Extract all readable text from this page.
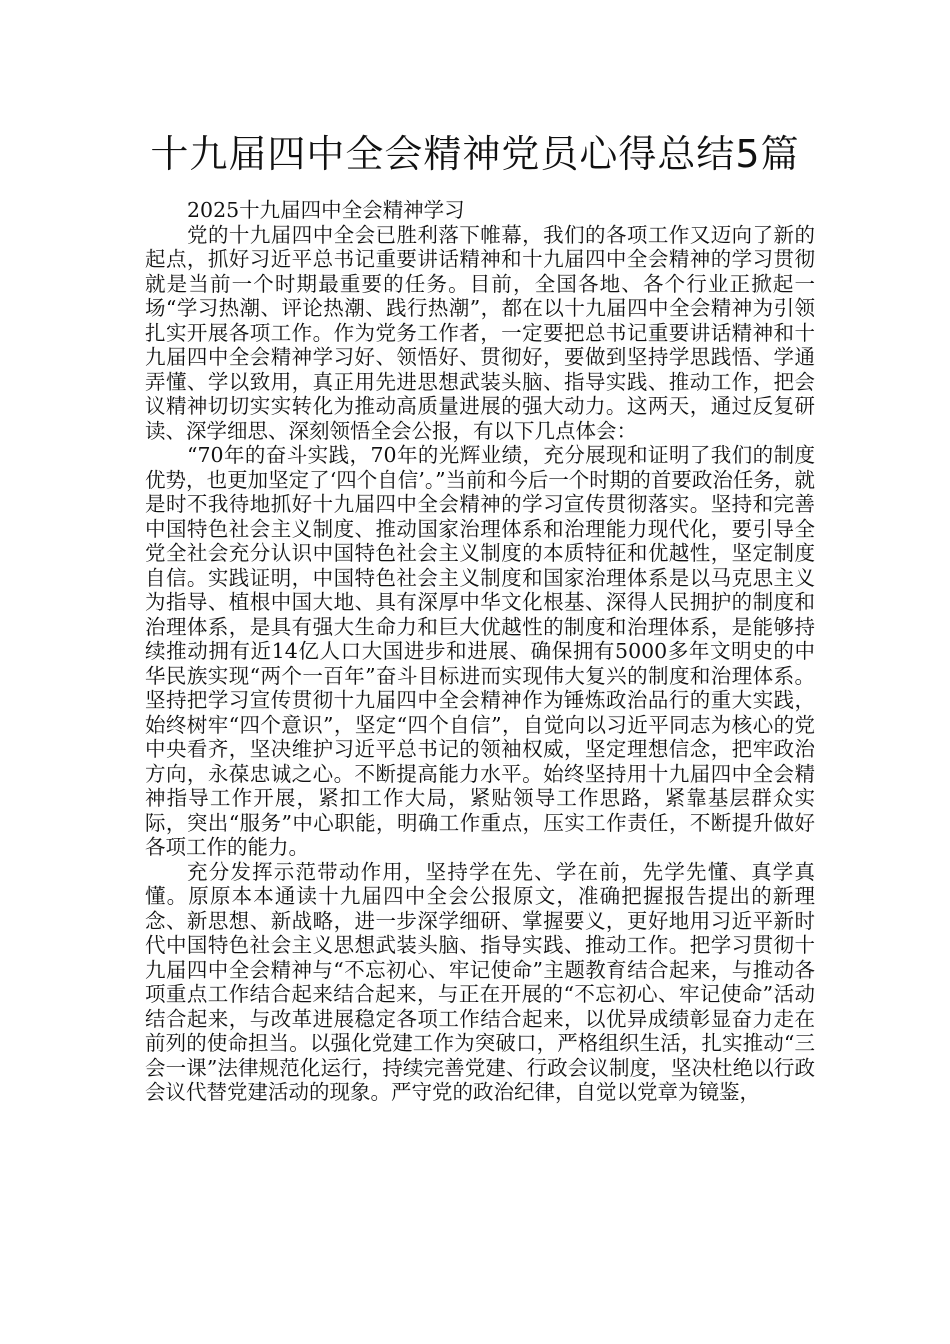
十九届四中全会精神党员心得总结5篇

2025十九届四中全会精神学习

党的十九届四中全会已胜利落下帷幕，我们的各项工作又迈向了新的起点，抓好习近平总书记重要讲话精神和十九届四中全会精神的学习贯彻就是当前一个时期最重要的任务。目前，全国各地、各个行业正掀起一场“学习热潮、评论热潮、践行热潮”，都在以十九届四中全会精神为引领扎实开展各项工作。作为党务工作者，一定要把总书记重要讲话精神和十九届四中全会精神学习好、领悟好、贯彻好，要做到坚持学思践悟、学通弄懂、学以致用，真正用先进思想武装头脑、指导实践、推动工作，把会议精神切切实实转化为推动高质量进展的强大动力。这两天，通过反复研读、深学细思、深刻领悟全会公报，有以下几点体会：

“70年的奋斗实践，70年的光辉业绩，充分展现和证明了我们的制度优势，也更加坚定了‘四个自信’。”当前和今后一个时期的首要政治任务，就是时不我待地抓好十九届四中全会精神的学习宣传贯彻落实。坚持和完善中国特色社会主义制度、推动国家治理体系和治理能力现代化，要引导全党全社会充分认识中国特色社会主义制度的本质特征和优越性，坚定制度自信。实践证明，中国特色社会主义制度和国家治理体系是以马克思主义为指导、植根中国大地、具有深厚中华文化根基、深得人民拥护的制度和治理体系，是具有强大生命力和巨大优越性的制度和治理体系，是能够持续推动拥有近14亿人口大国进步和进展、确保拥有5000多年文明史的中华民族实现“两个一百年”奋斗目标进而实现伟大复兴的制度和治理体系。坚持把学习宣传贯彻十九届四中全会精神作为锤炼政治品行的重大实践，始终树牢“四个意识”，坚定“四个自信”，自觉向以习近平同志为核心的党中央看齐，坚决维护习近平总书记的领袖权威，坚定理想信念，把牢政治方向，永葆忠诚之心。不断提高能力水平。始终坚持用十九届四中全会精神指导工作开展，紧扣工作大局，紧贴领导工作思路，紧靠基层群众实际，突出“服务”中心职能，明确工作重点，压实工作责任，不断提升做好各项工作的能力。

充分发挥示范带动作用，坚持学在先、学在前，先学先懂、真学真懂。原原本本通读十九届四中全会公报原文，准确把握报告提出的新理念、新思想、新战略，进一步深学细研、掌握要义，更好地用习近平新时代中国特色社会主义思想武装头脑、指导实践、推动工作。把学习贯彻十九届四中全会精神与“不忘初心、牢记使命”主题教育结合起来，与推动各项重点工作结合起来结合起来，与正在开展的“不忘初心、牢记使命”活动结合起来，与改革进展稳定各项工作结合起来，以优异成绩彰显奋力走在前列的使命担当。以强化党建工作为突破口，严格组织生活，扎实推动“三会一课”法律规范化运行，持续完善党建、行政会议制度，坚决杜绝以行政会议代替党建活动的现象。严守党的政治纪律，自觉以党章为镜鉴，
